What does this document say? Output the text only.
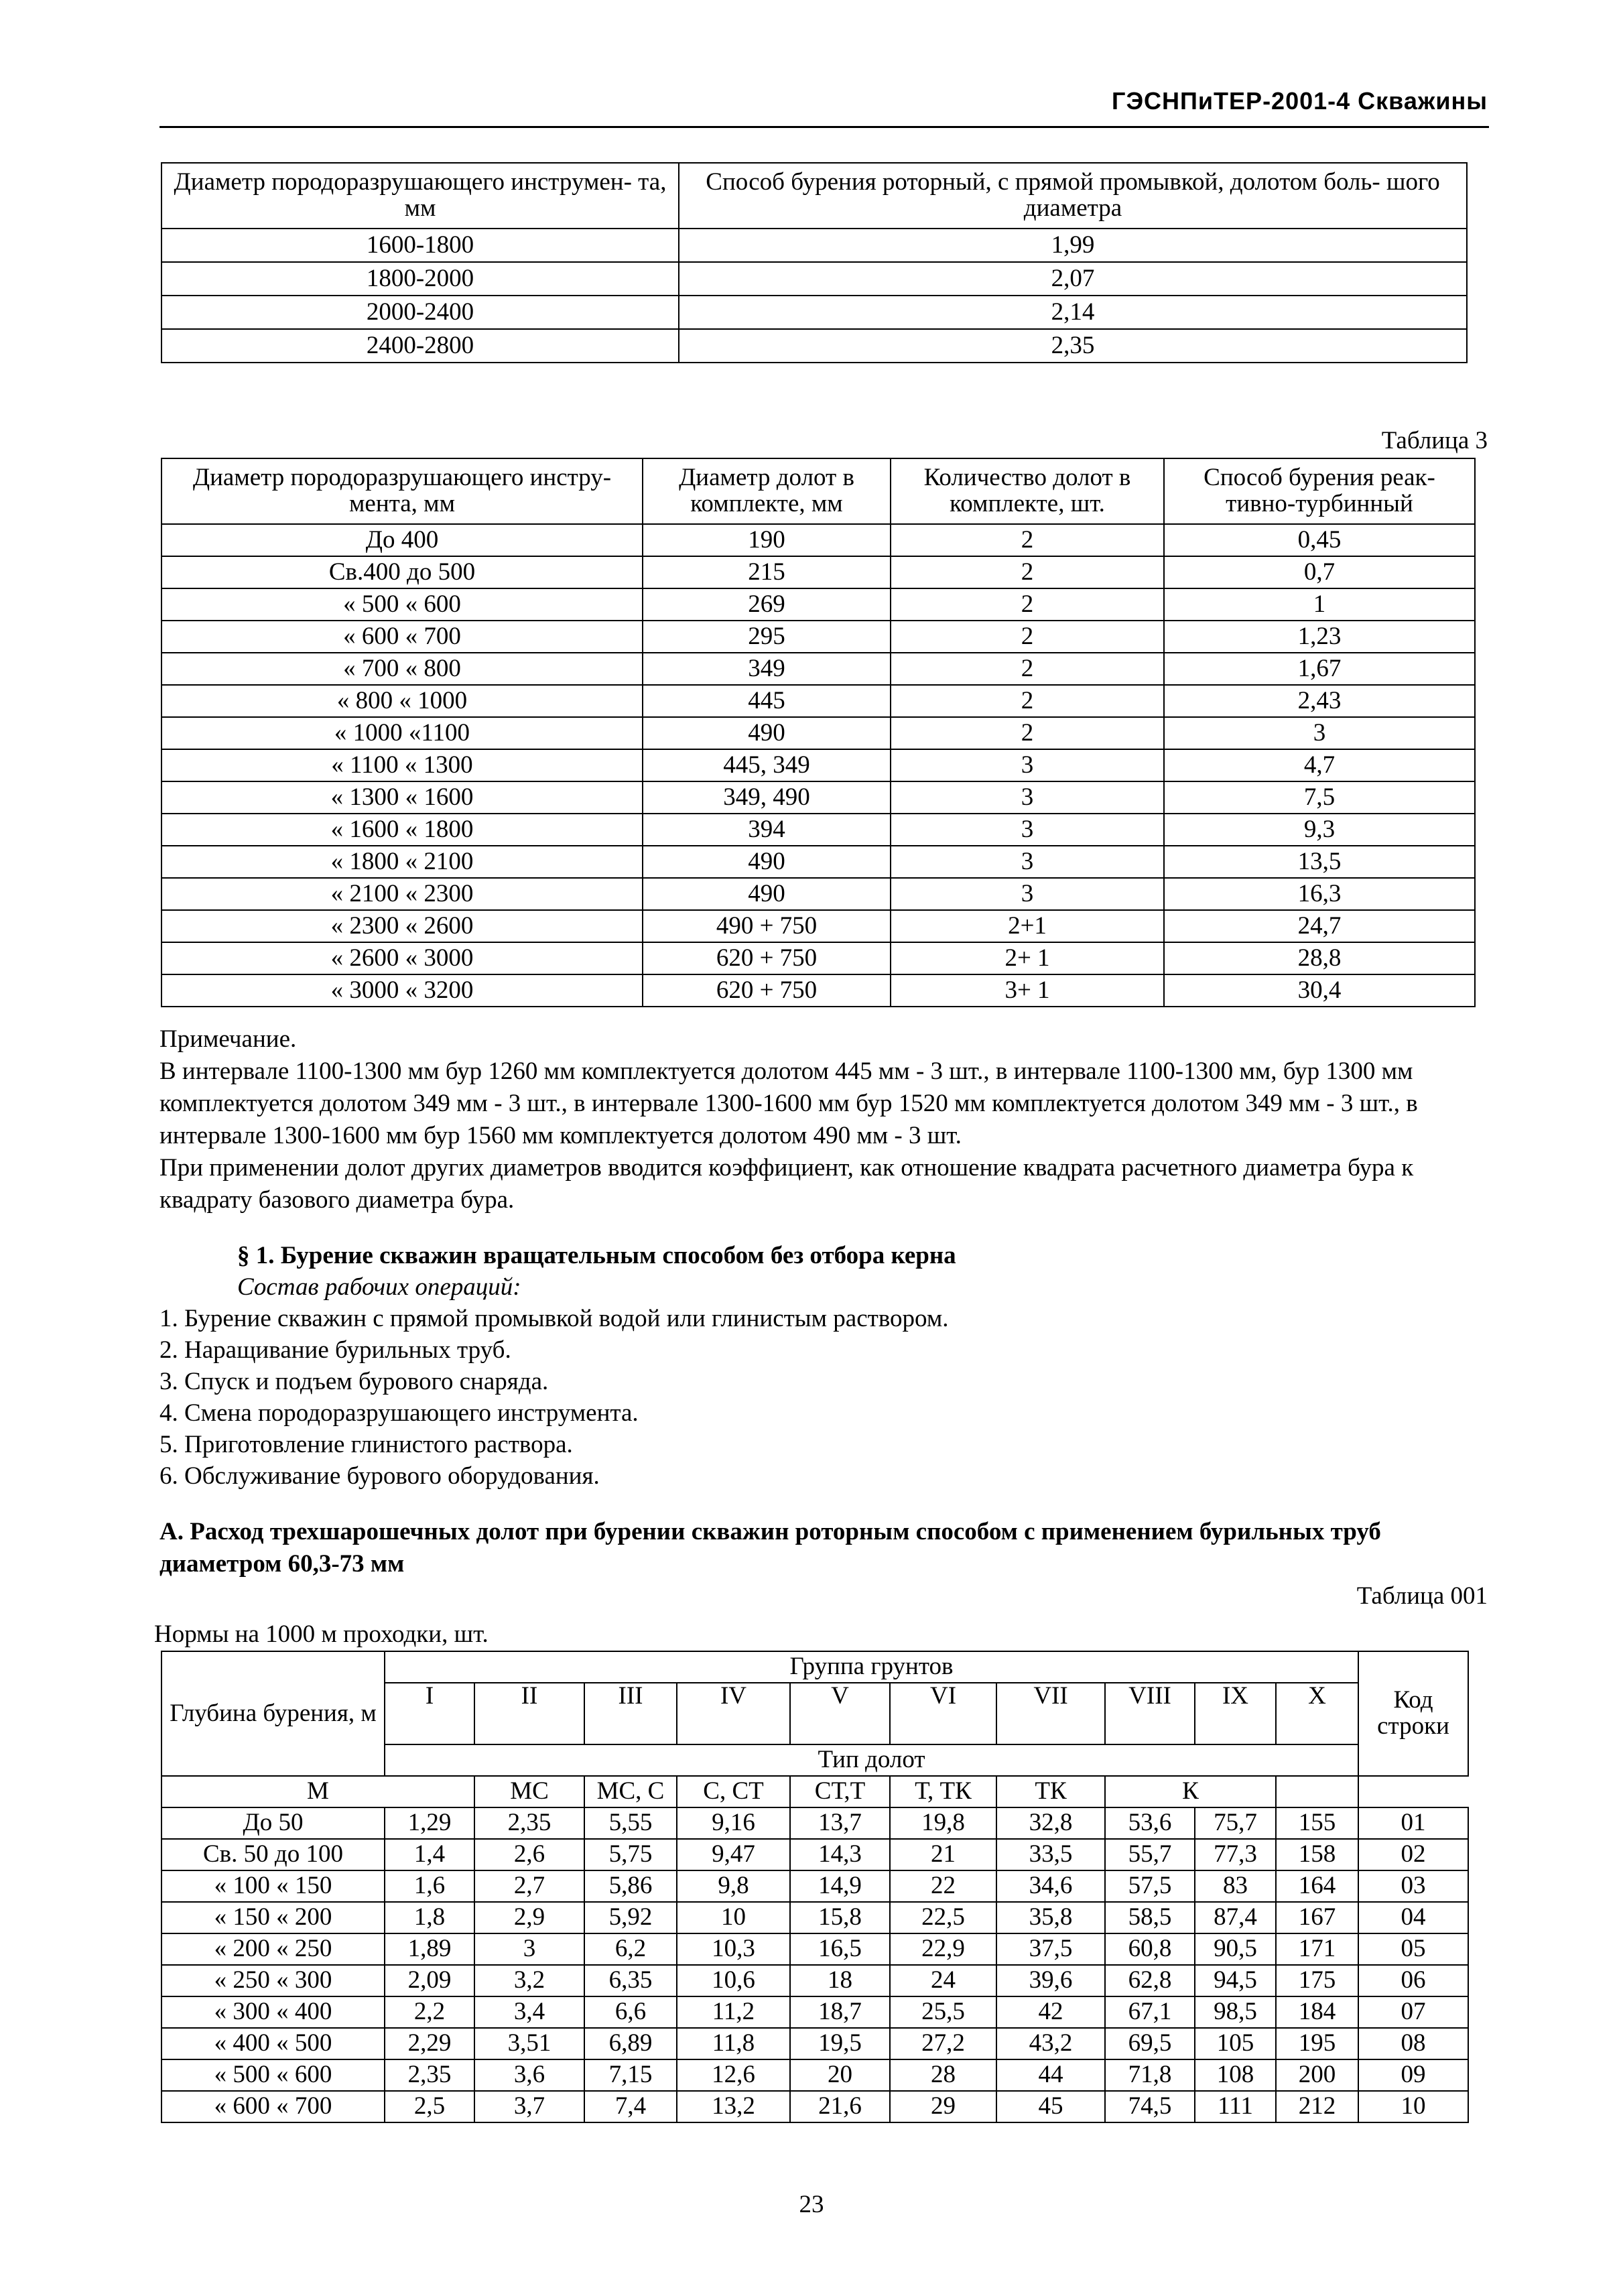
ГЭСНПиТЕР-2001-4 Скважины
Диаметр породоразрушающего инструмен- та, мм	Способ бурения роторный, с прямой промывкой, долотом боль- шого диаметра
1600-1800	1,99
1800-2000	2,07
2000-2400	2,14
2400-2800	2,35
Таблица 3
Диаметр породоразрушающего инстру- мента, мм	Диаметр долот в комплекте, мм	Количество долот в комплекте, шт.	Способ бурения реак- тивно-турбинный
До 400	190	2	0,45
Св.400 до 500	215	2	0,7
« 500 « 600	269	2	1
« 600 « 700	295	2	1,23
« 700 « 800	349	2	1,67
« 800 « 1000	445	2	2,43
« 1000 «1100	490	2	3
« 1100 « 1300	445, 349	3	4,7
« 1300 « 1600	349, 490	3	7,5
« 1600 « 1800	394	3	9,3
« 1800 « 2100	490	3	13,5
« 2100 « 2300	490	3	16,3
« 2300 « 2600	490 + 750	2+1	24,7
« 2600 « 3000	620 + 750	2+ 1	28,8
« 3000 « 3200	620 + 750	3+ 1	30,4

Примечание.

В интервале 1100-1300 мм бур 1260 мм комплектуется долотом 445 мм - 3 шт., в интервале 1100-1300 мм, бур 1300 мм комплектуется долотом 349 мм - 3 шт., в интервале 1300-1600 мм бур 1520 мм комплектуется долотом 349 мм - 3 шт., в интервале 1300-1600 мм бур 1560 мм комплектуется долотом 490 мм - 3 шт.

При применении долот других диаметров вводится коэффициент, как отношение квадрата расчетного диаметра бура к квадрату базового диаметра бура.

§ 1. Бурение скважин вращательным способом без отбора керна

Состав рабочих операций:

1. Бурение скважин с прямой промывкой водой или глинистым раствором.

2. Наращивание бурильных труб.

3. Спуск и подъем бурового снаряда.

4. Смена породоразрушающего инструмента.

5. Приготовление глинистого раствора.

6. Обслуживание бурового оборудования.

А. Расход трехшарошечных долот при бурении скважин роторным способом с применением бурильных труб диаметром 60,3-73 мм
Таблица 001
Нормы на 1000 м проходки, шт.
Глубина бурения, м	Группа грунтов										Код строки
	I	II	III	IV	V	VI	VII	VIII	IX	X	
	Тип долот										
М		МС	МС, С	С, СТ	СТ,Т	Т, ТК	ТК	К			
До 50	1,29	2,35	5,55	9,16	13,7	19,8	32,8	53,6	75,7	155	01
Св. 50 до 100	1,4	2,6	5,75	9,47	14,3	21	33,5	55,7	77,3	158	02
« 100 « 150	1,6	2,7	5,86	9,8	14,9	22	34,6	57,5	83	164	03
« 150 « 200	1,8	2,9	5,92	10	15,8	22,5	35,8	58,5	87,4	167	04
« 200 « 250	1,89	3	6,2	10,3	16,5	22,9	37,5	60,8	90,5	171	05
« 250 « 300	2,09	3,2	6,35	10,6	18	24	39,6	62,8	94,5	175	06
« 300 « 400	2,2	3,4	6,6	11,2	18,7	25,5	42	67,1	98,5	184	07
« 400 « 500	2,29	3,51	6,89	11,8	19,5	27,2	43,2	69,5	105	195	08
« 500 « 600	2,35	3,6	7,15	12,6	20	28	44	71,8	108	200	09
« 600 « 700	2,5	3,7	7,4	13,2	21,6	29	45	74,5	111	212	10
23
